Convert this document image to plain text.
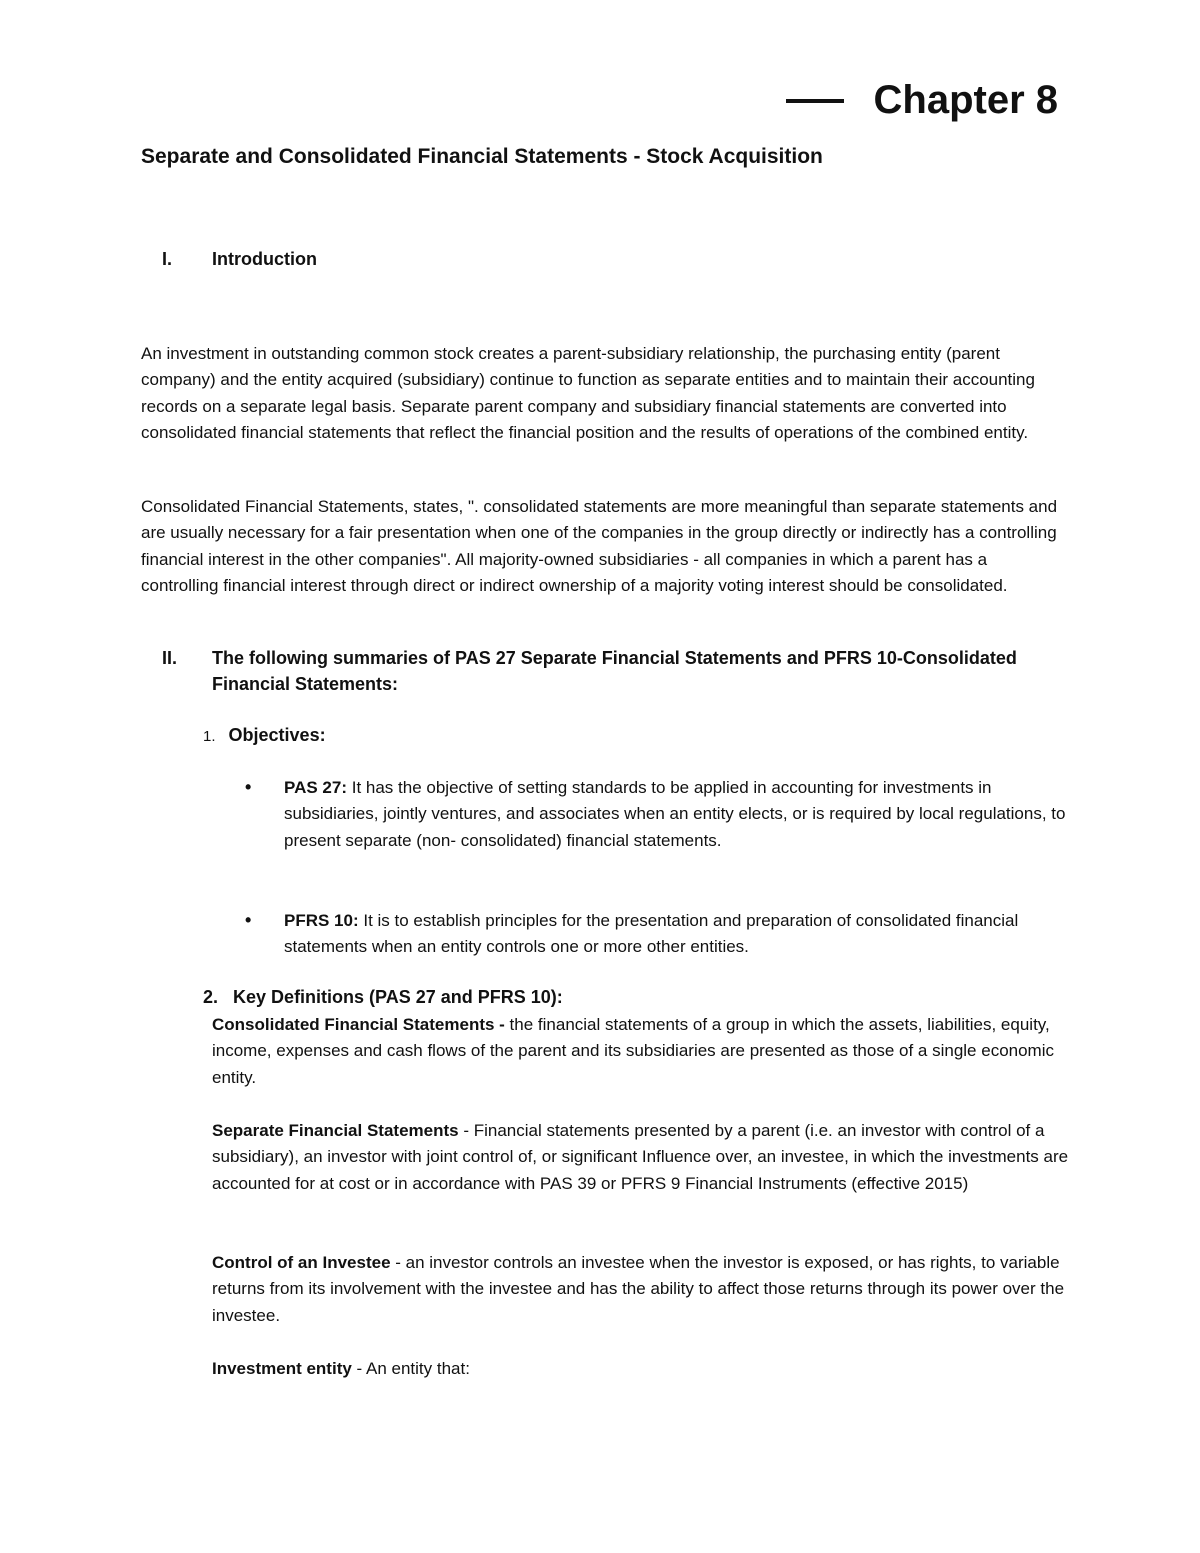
Chapter 8
Separate and Consolidated Financial Statements - Stock Acquisition
I. Introduction

An investment in outstanding common stock creates a parent-subsidiary relationship, the purchasing entity (parent company) and the entity acquired (subsidiary) continue to function as separate entities and to maintain their accounting records on a separate legal basis. Separate parent company and subsidiary financial statements are converted into consolidated financial statements that reflect the financial position and the results of operations of the combined entity.

Consolidated Financial Statements, states, ". consolidated statements are more meaningful than separate statements and are usually necessary for a fair presentation when one of the companies in the group directly or indirectly has a controlling financial interest in the other companies". All majority-owned subsidiaries - all companies in which a parent has a controlling financial interest through direct or indirect ownership of a majority voting interest should be consolidated.

II. The following summaries of PAS 27 Separate Financial Statements and PFRS 10-Consolidated
Financial Statements:
1. Objectives:
• PAS 27: It has the objective of setting standards to be applied in accounting for investments in subsidiaries, jointly ventures, and associates when an entity elects, or is required by local regulations, to present separate (non- consolidated) financial statements.

• PFRS 10: It is to establish principles for the presentation and preparation of consolidated financial statements when an entity controls one or more other entities.

2. Key Definitions (PAS 27 and PFRS 10):

Consolidated Financial Statements - the financial statements of a group in which the assets, liabilities, equity, income, expenses and cash flows of the parent and its subsidiaries are presented as those of a single economic entity.

Separate Financial Statements - Financial statements presented by a parent (i.e. an investor with control of a subsidiary), an investor with joint control of, or significant Influence over, an investee, in which the investments are accounted for at cost or in accordance with PAS 39 or PFRS 9 Financial Instruments (effective 2015)

Control of an Investee - an investor controls an investee when the investor is exposed, or has rights, to variable returns from its involvement with the investee and has the ability to affect those returns through its power over the investee.

Investment entity - An entity that:
